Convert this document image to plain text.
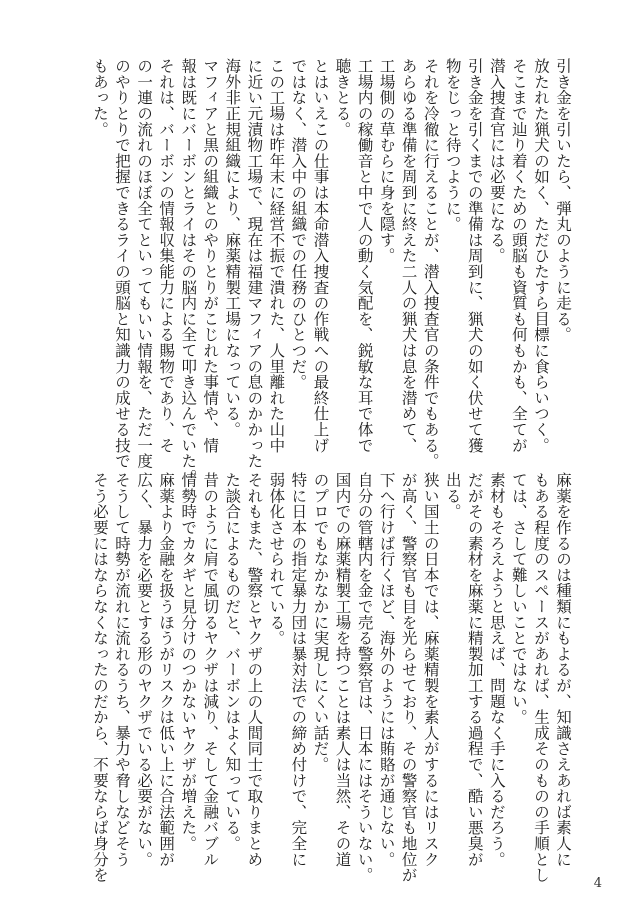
引き金を引いたら、弾丸のように走る。
放たれた猟犬の如く、ただひたすら目標に食らいつく。
そこまで辿り着くための頭脳も資質も何もかも、全てが
潜入捜査官には必要になる。
引き金を引くまでの準備は周到に、猟犬の如く伏せて獲
物をじっと待つように。
それを冷徹に行えることが、潜入捜査官の条件でもある。
あらゆる準備を周到に終えた二人の猟犬は息を潜めて、
工場側の草むらに身を隠す。
工場内の稼働音と中で人の動く気配を、鋭敏な耳で体で
聴きとる。
とはいえこの仕事は本命潜入捜査の作戦への最終仕上げ
ではなく、潜入中の組織での任務のひとつだ。
この工場は昨年末に経営不振で潰れた、人里離れた山中
に近い元漬物工場で、現在は福建マフィアの息のかかった
海外非正規組織により、麻薬精製工場になっている。
マフィアと黒の組織とのやりとりがこじれた事情や、情
報は既にバーボンとライはその脳内に全て叩き込んでいた。
それは、バーボンの情報収集能力による賜物であり、そ
の一連の流れのほぼ全てといってもいい情報を、ただ一度
のやりとりで把握できるライの頭脳と知識力の成せる技で
もあった。
麻薬を作るのは種類にもよるが、知識さえあれば素人に
もある程度のスペースがあれば、生成そのものの手順とし
ては、さして難しいことではない。
素材もそろえようと思えば、問題なく手に入るだろう。
だがその素材を麻薬に精製加工する過程で、酷い悪臭が
出る。
狭い国土の日本では、麻薬精製を素人がするにはリスク
が高く、警察官も目を光らせており、その警察官も地位が
下へ行けば行くほど、海外のようには賄賂が通じない。
自分の管轄内を金で売る警察官は、日本にはそういない。
国内での麻薬精製工場を持つことは素人は当然、その道
のプロでもなかなかに実現しにくい話だ。
特に日本の指定暴力団は暴対法での締め付けで、完全に
弱体化させられている。
それもまた、警察とヤクザの上の人間同士で取りまとめ
た談合によるものだと、バーボンはよく知っている。
昔のように肩で風切るヤクザは減り、そして金融バブル
情勢時でカタギと見分けのつかないヤクザが増えた。
麻薬より金融を扱うほうがリスクは低い上に合法範囲が
広く、暴力を必要とする形のヤクザでいる必要がない。
そうして時勢が流れに流れるうち、暴力や脅しなどそう
そう必要にはならなくなったのだから、不要ならば身分を
4
